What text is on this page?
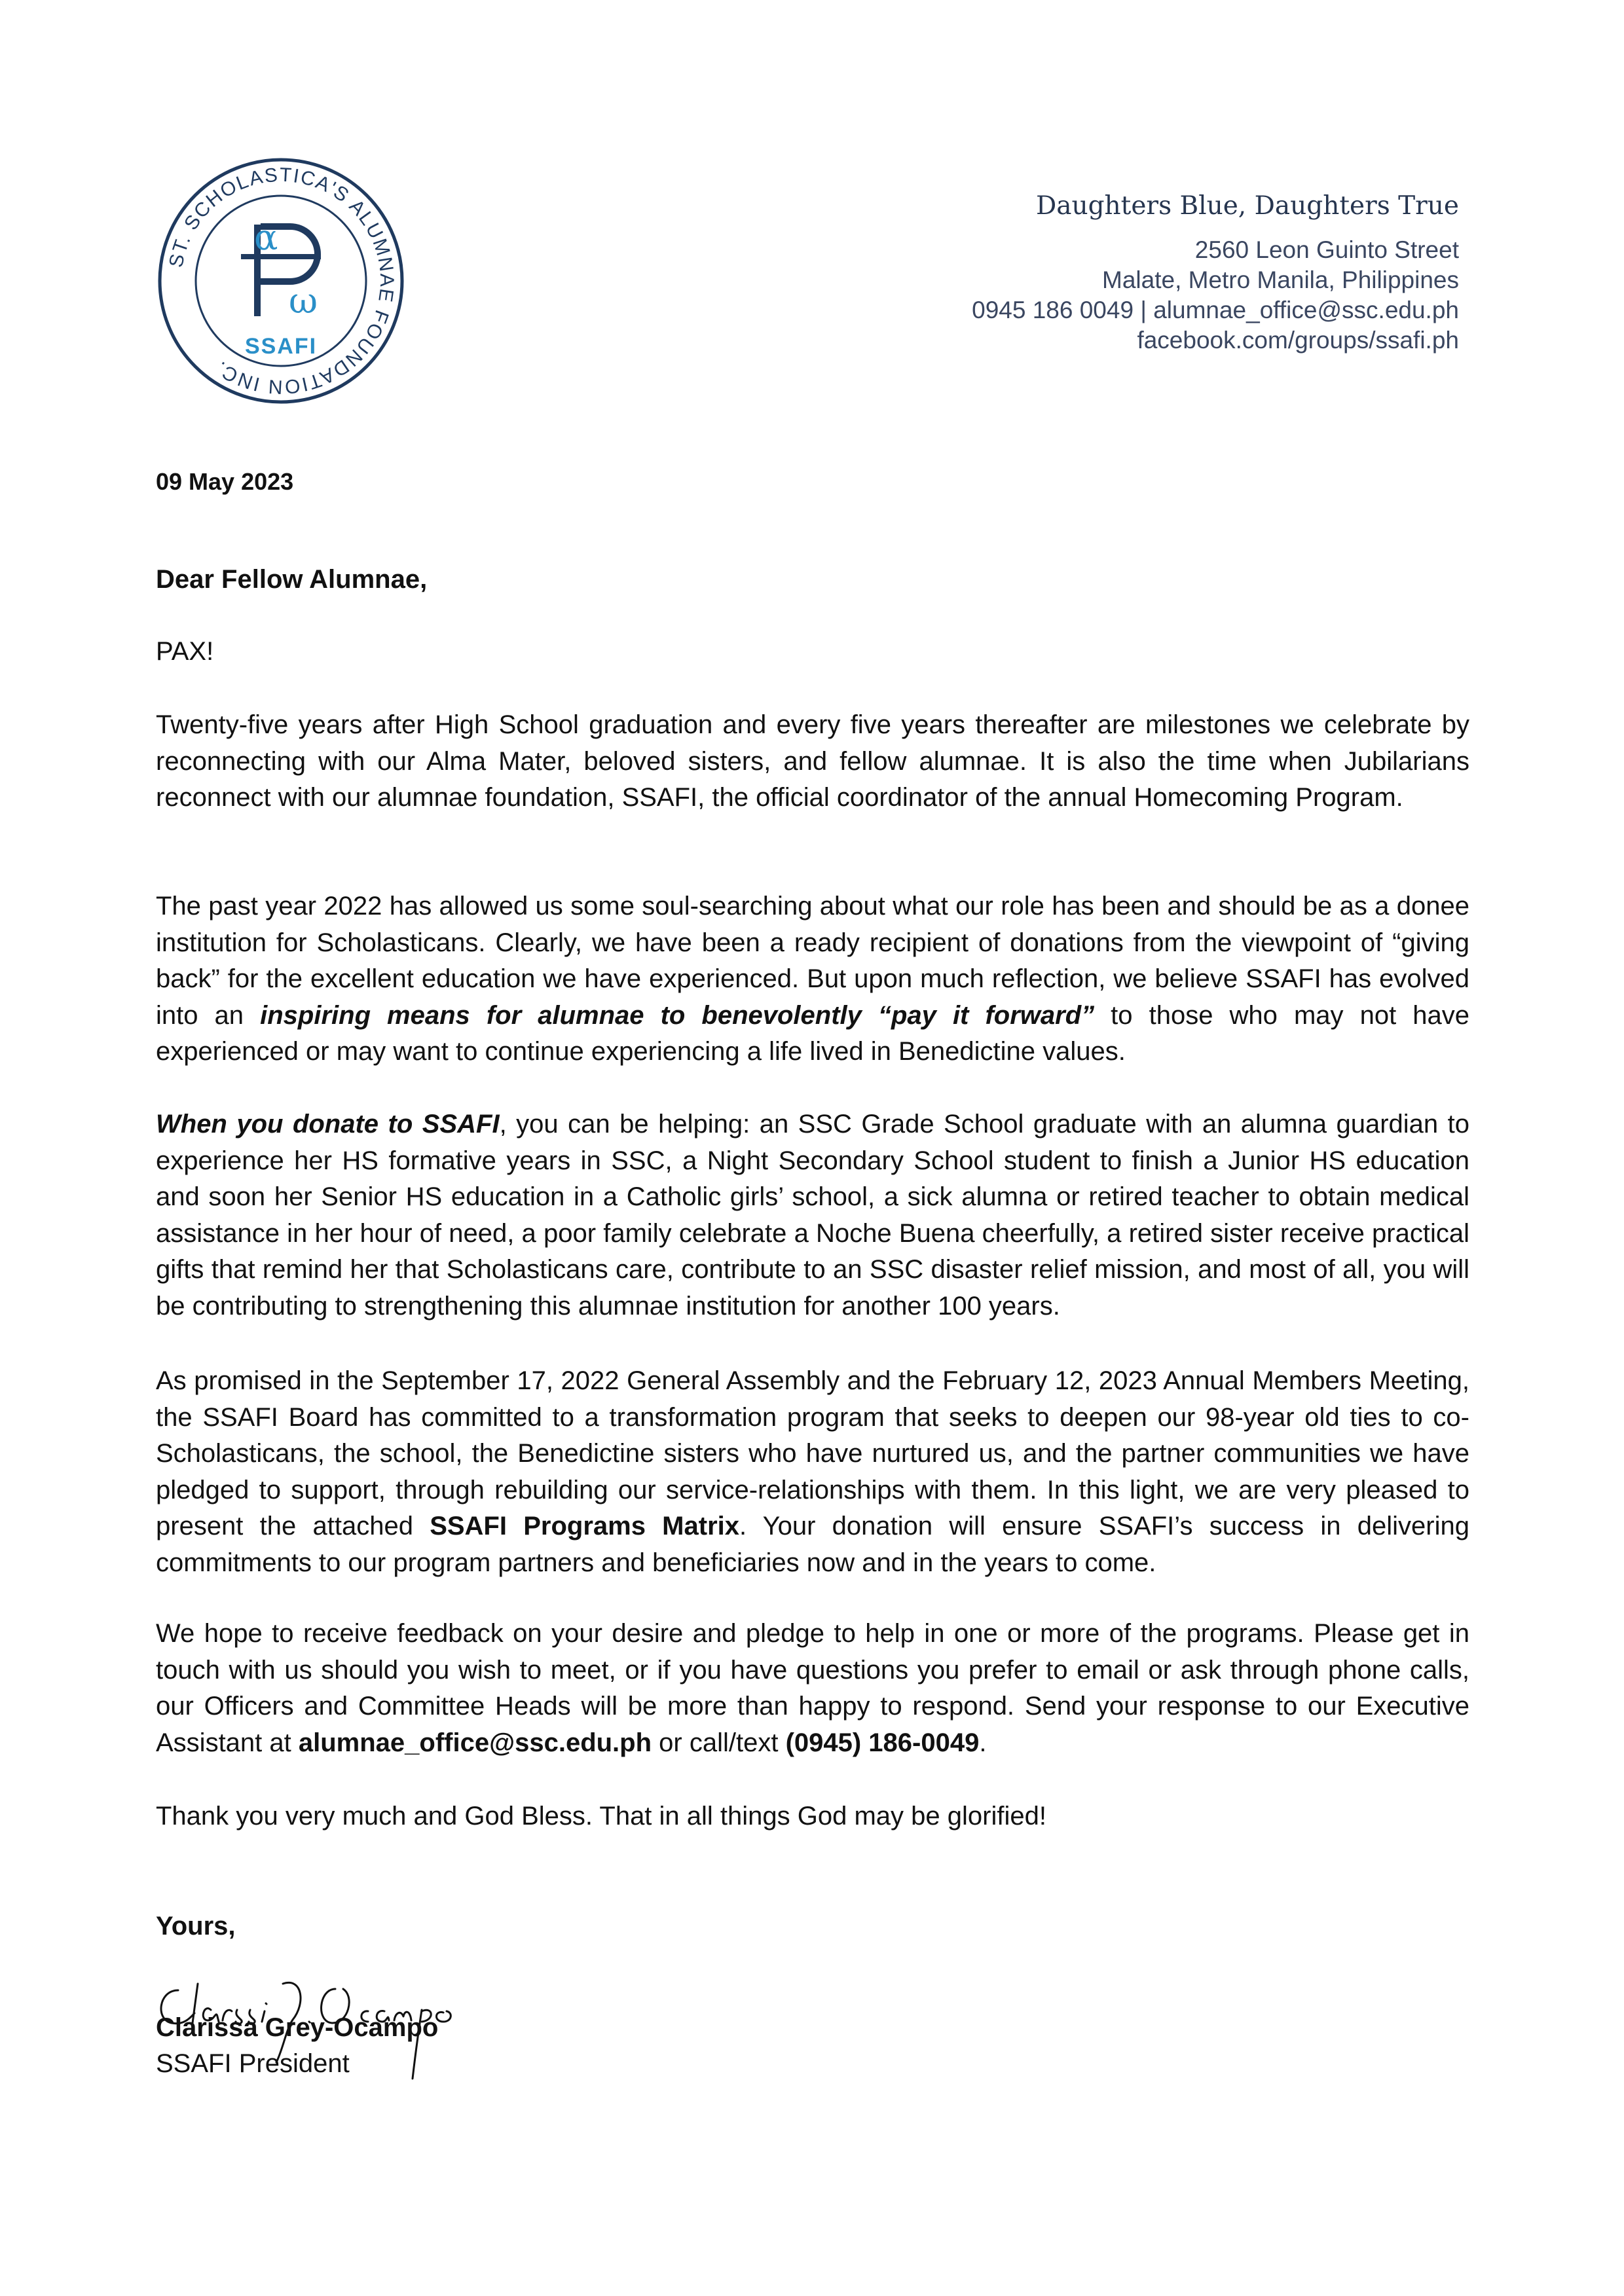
ST. SCHOLASTICA'S ALUMNAE FOUNDATION INC.
α
ω
SSAFI
Daughters Blue, Daughters True
2560 Leon Guinto Street
Malate, Metro Manila, Philippines
0945 186 0049 | alumnae_office@ssc.edu.ph
facebook.com/groups/ssafi.ph
09 May 2023
Dear Fellow Alumnae,
PAX!
Twenty-five years after High School graduation and every five years thereafter are milestones we celebrate by reconnecting with our Alma Mater, beloved sisters, and fellow alumnae. It is also the time when Jubilarians reconnect with our alumnae foundation, SSAFI, the official coordinator of the annual Homecoming Program.
The past year 2022 has allowed us some soul-searching about what our role has been and should be as a donee institution for Scholasticans. Clearly, we have been a ready recipient of donations from the viewpoint of “giving back” for the excellent education we have experienced. But upon much reflection, we believe SSAFI has evolved into an inspiring means for alumnae to benevolently “pay it forward” to those who may not have experienced or may want to continue experiencing a life lived in Benedictine values.
When you donate to SSAFI, you can be helping: an SSC Grade School graduate with an alumna guardian to experience her HS formative years in SSC, a Night Secondary School student to finish a Junior HS education and soon her Senior HS education in a Catholic girls’ school, a sick alumna or retired teacher to obtain medical assistance in her hour of need, a poor family celebrate a Noche Buena cheerfully, a retired sister receive practical gifts that remind her that Scholasticans care, contribute to an SSC disaster relief mission, and most of all, you will be contributing to strengthening this alumnae institution for another 100 years.
As promised in the September 17, 2022 General Assembly and the February 12, 2023 Annual Members Meeting, the SSAFI Board has committed to a transformation program that seeks to deepen our 98-year old ties to co-Scholasticans, the school, the Benedictine sisters who have nurtured us, and the partner communities we have pledged to support, through rebuilding our service-relationships with them. In this light, we are very pleased to present the attached SSAFI Programs Matrix. Your donation will ensure SSAFI’s success in delivering commitments to our program partners and beneficiaries now and in the years to come.
We hope to receive feedback on your desire and pledge to help in one or more of the programs. Please get in touch with us should you wish to meet, or if you have questions you prefer to email or ask through phone calls, our Officers and Committee Heads will be more than happy to respond. Send your response to our Executive Assistant at alumnae_office@ssc.edu.ph or call/text (0945) 186-0049.
Thank you very much and God Bless. That in all things God may be glorified!
Yours,
Clarissa Grey-Ocampo
SSAFI President
